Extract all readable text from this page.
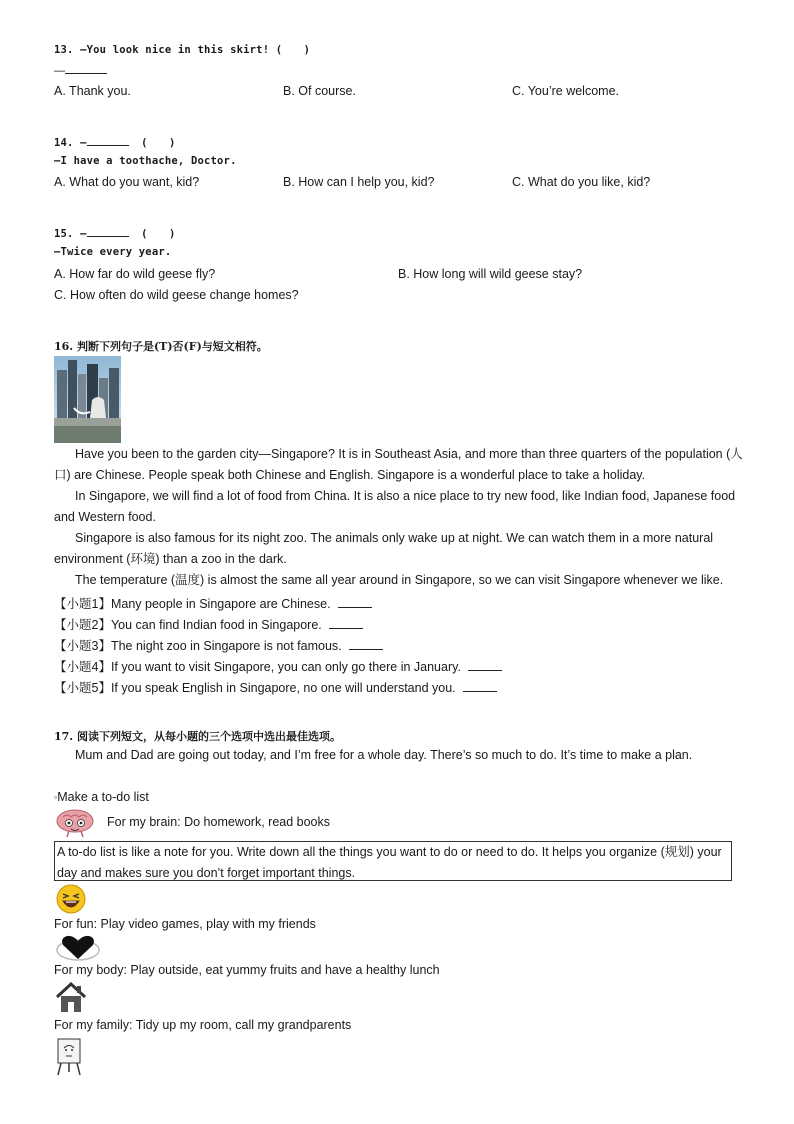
13. —You look nice in this skirt! (　　)
—
A. Thank you.	B. Of course.	C. You’re welcome.
14. —	(　　)
—I have a toothache, Doctor.
A. What do you want, kid?	B. How can I help you, kid?	C. What do you like, kid?
15. —	(　　)
—Twice every year.
A. How far do wild geese fly?	B. How long will wild geese stay?
C. How often do wild geese change homes?
16. 判断下列句子是(T)否(F)与短文相符。
Have you been to the garden city—Singapore? It is in Southeast Asia, and more than three quarters of the population (人口) are Chinese. People speak both Chinese and English. Singapore is a wonderful place to take a holiday.
In Singapore, we will find a lot of food from China. It is also a nice place to try new food, like Indian food, Japanese food and Western food.
Singapore is also famous for its night zoo. The animals only wake up at night. We can watch them in a more natural environment (环境) than a zoo in the dark.
The temperature (温度) is almost the same all year around in Singapore, so we can visit Singapore whenever we like.
【小题1】Many people in Singapore are Chinese.
【小题2】You can find Indian food in Singapore.
【小题3】The night zoo in Singapore is not famous.
【小题4】If you want to visit Singapore, you can only go there in January.
【小题5】If you speak English in Singapore, no one will understand you.
17. 阅读下列短文，从每小题的三个选项中选出最佳选项。
Mum and Dad are going out today, and I’m free for a whole day. There’s so much to do. It’s time to make a plan.
◦Make a to-do list
For my brain: Do homework, read books
A to-do list is like a note for you. Write down all the things you want to do or need to do. It helps you organize (规划) your day and makes sure you don’t forget important things.
For fun: Play video games, play with my friends
For my body: Play outside, eat yummy fruits and have a healthy lunch
For my family: Tidy up my room, call my grandparents
